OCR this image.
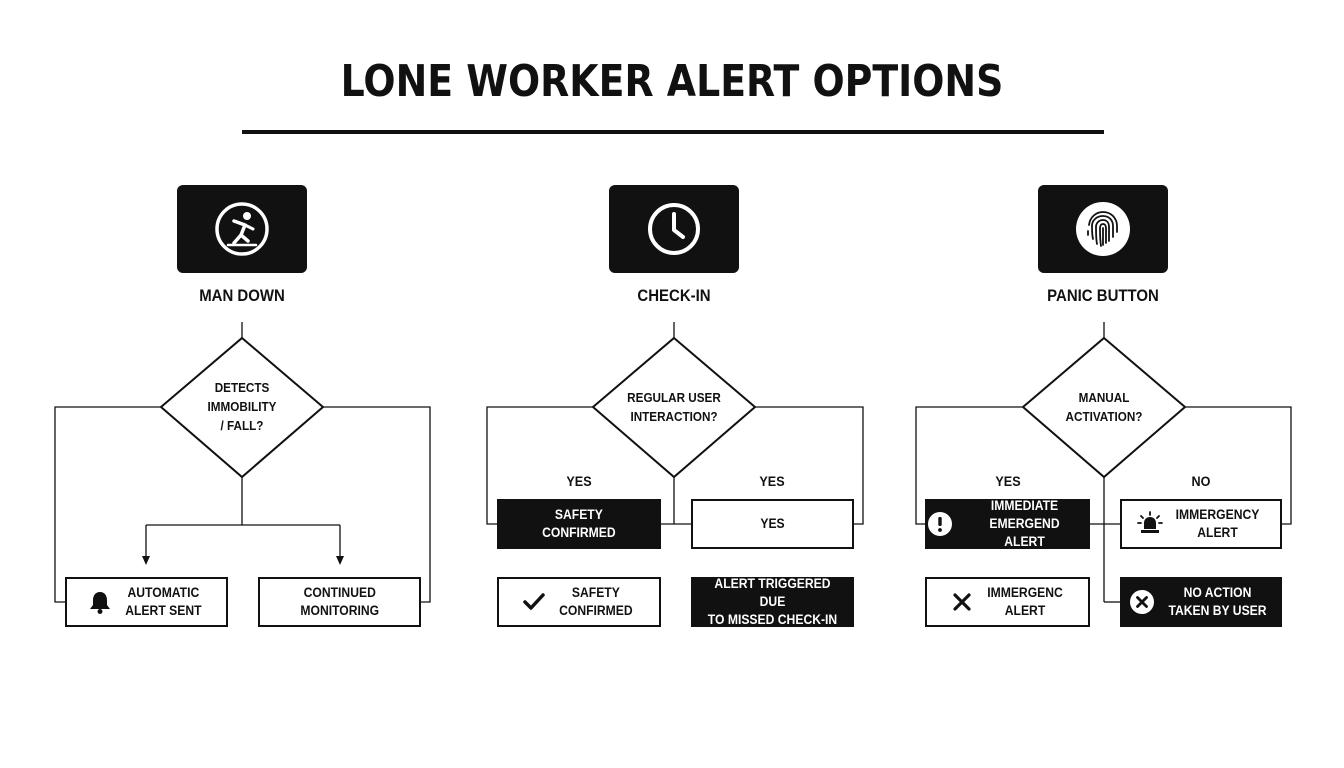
LONE WORKER ALERT OPTIONS
MAN DOWN
DETECTS
IMMOBILITY
/ FALL?
AUTOMATIC
ALERT SENT
CONTINUED
MONITORING
CHECK-IN
REGULAR USER
INTERACTION?
YES	YES
SAFETY
CONFIRMED
YES
SAFETY
CONFIRMED
ALERT TRIGGERED DUE
TO MISSED CHECK-IN
PANIC BUTTON
MANUAL
ACTIVATION?
YES	NO
IMMEDIATE EMERGEND
ALERT
IMMERGENCY
ALERT
IMMERGENC
ALERT
NO ACTION
TAKEN BY USER
